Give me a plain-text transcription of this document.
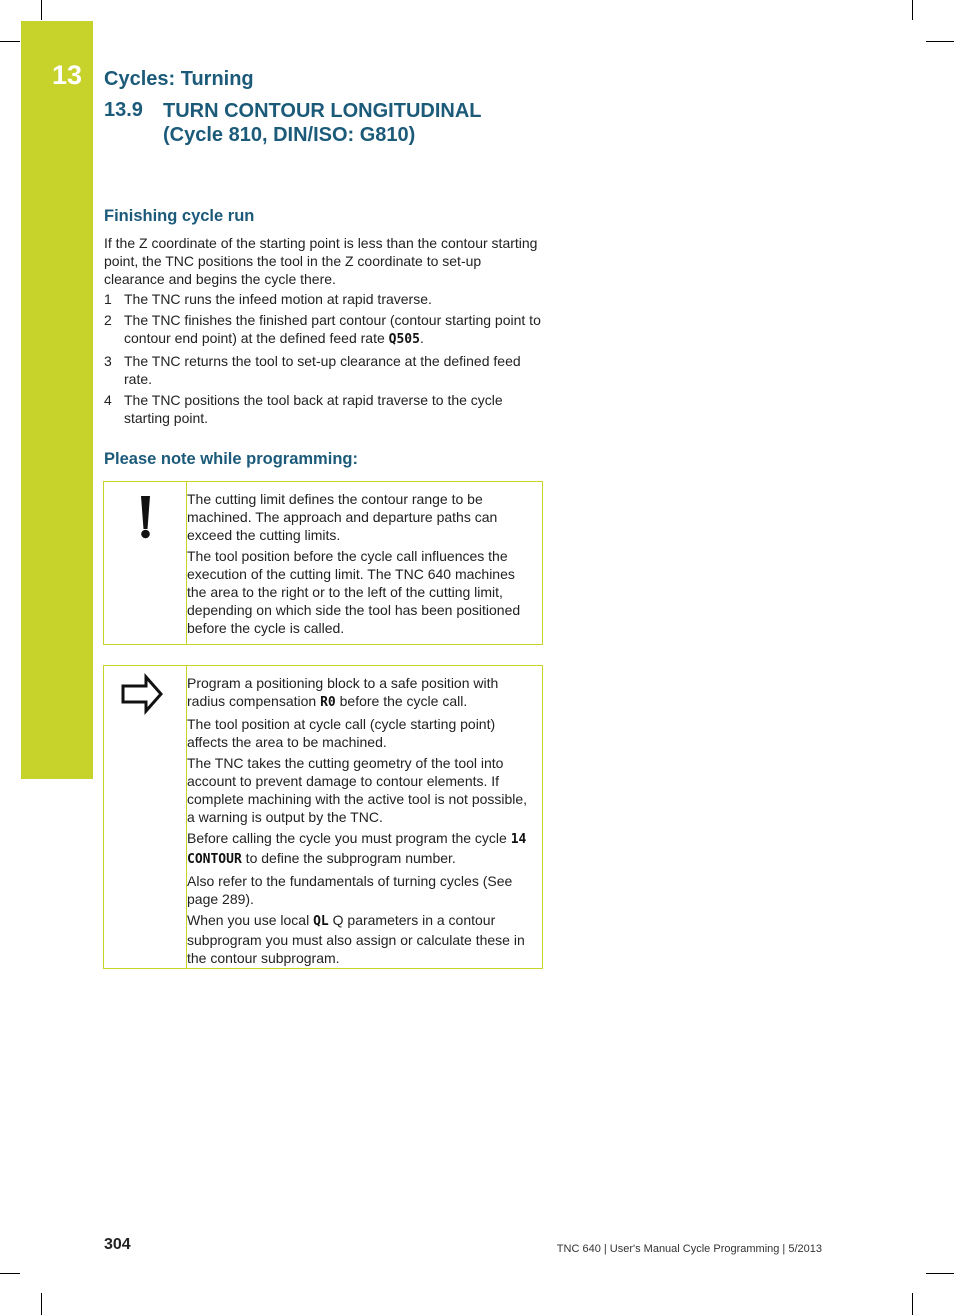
13 Cycles: Turning
13.9 TURN CONTOUR LONGITUDINAL
(Cycle 810, DIN/ISO: G810)
Finishing cycle run

If the Z coordinate of the starting point is less than the contour starting point, the TNC positions the tool in the Z coordinate to set-up clearance and begins the cycle there.

1 The TNC runs the infeed motion at rapid traverse.
2 The TNC finishes the finished part contour (contour starting point to contour end point) at the defined feed rate Q505.
3 The TNC returns the tool to set-up clearance at the defined feed rate.
4 The TNC positions the tool back at rapid traverse to the cycle starting point.
Please note while programming:

The cutting limit defines the contour range to be machined. The approach and departure paths can exceed the cutting limits.

The tool position before the cycle call influences the execution of the cutting limit. The TNC 640 machines the area to the right or to the left of the cutting limit, depending on which side the tool has been positioned before the cycle is called.

Program a positioning block to a safe position with radius compensation R0 before the cycle call.

The tool position at cycle call (cycle starting point) affects the area to be machined.

The TNC takes the cutting geometry of the tool into account to prevent damage to contour elements. If complete machining with the active tool is not possible, a warning is output by the TNC.

Before calling the cycle you must program the cycle 14 CONTOUR to define the subprogram number.

Also refer to the fundamentals of turning cycles (See page 289).

When you use local QL Q parameters in a contour subprogram you must also assign or calculate these in the contour subprogram.

304	TNC 640 | User's Manual Cycle Programming | 5/2013
